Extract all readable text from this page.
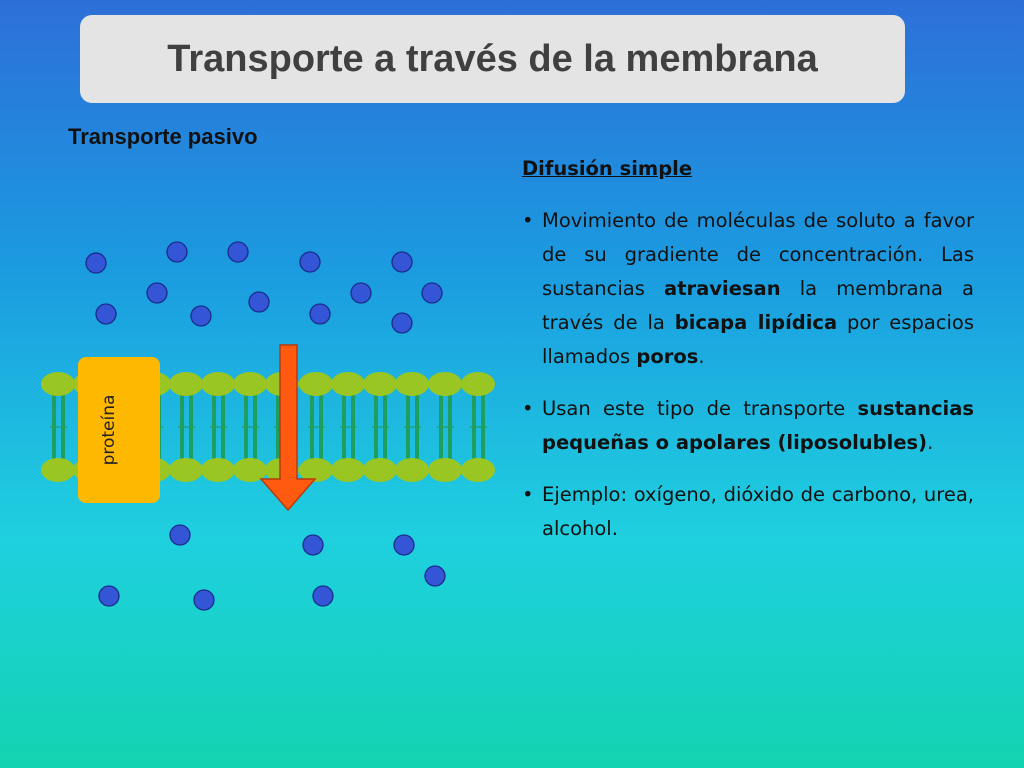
Transporte a través de la membrana

Transporte pasivo

proteína

Difusión simple

• Movimiento de moléculas de soluto a favor de su gradiente de concentración. Las sustancias atraviesan la membrana a través de la bicapa lipídica por espacios llamados poros.
• Usan este tipo de transporte sustancias pequeñas o apolares (liposolubles).
• Ejemplo: oxígeno, dióxido de carbono, urea, alcohol.
